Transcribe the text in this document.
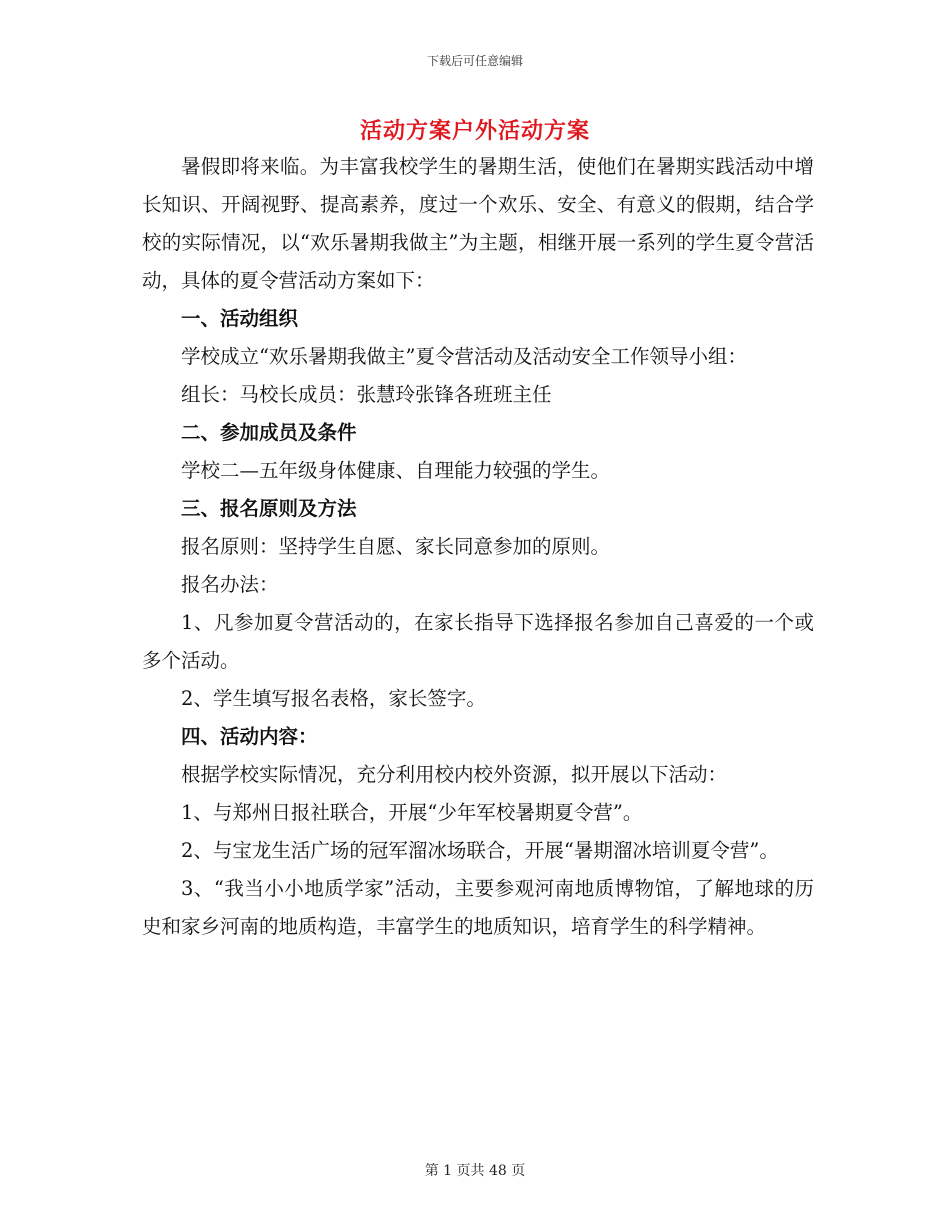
下载后可任意编辑
活动方案户外活动方案

暑假即将来临。为丰富我校学生的暑期生活，使他们在暑期实践活动中增长知识、开阔视野、提高素养，度过一个欢乐、安全、有意义的假期，结合学校的实际情况，以“欢乐暑期我做主”为主题，相继开展一系列的学生夏令营活动，具体的夏令营活动方案如下：

一、活动组织

学校成立“欢乐暑期我做主”夏令营活动及活动安全工作领导小组：

组长：马校长成员：张慧玲张锋各班班主任

二、参加成员及条件

学校二—五年级身体健康、自理能力较强的学生。

三、报名原则及方法

报名原则：坚持学生自愿、家长同意参加的原则。

报名办法：

1、凡参加夏令营活动的，在家长指导下选择报名参加自己喜爱的一个或多个活动。

2、学生填写报名表格，家长签字。

四、活动内容：

根据学校实际情况，充分利用校内校外资源，拟开展以下活动：

1、与郑州日报社联合，开展“少年军校暑期夏令营”。

2、与宝龙生活广场的冠军溜冰场联合，开展“暑期溜冰培训夏令营”。

3、“我当小小地质学家”活动，主要参观河南地质博物馆，了解地球的历史和家乡河南的地质构造，丰富学生的地质知识，培育学生的科学精神。

第 1 页共 48 页
